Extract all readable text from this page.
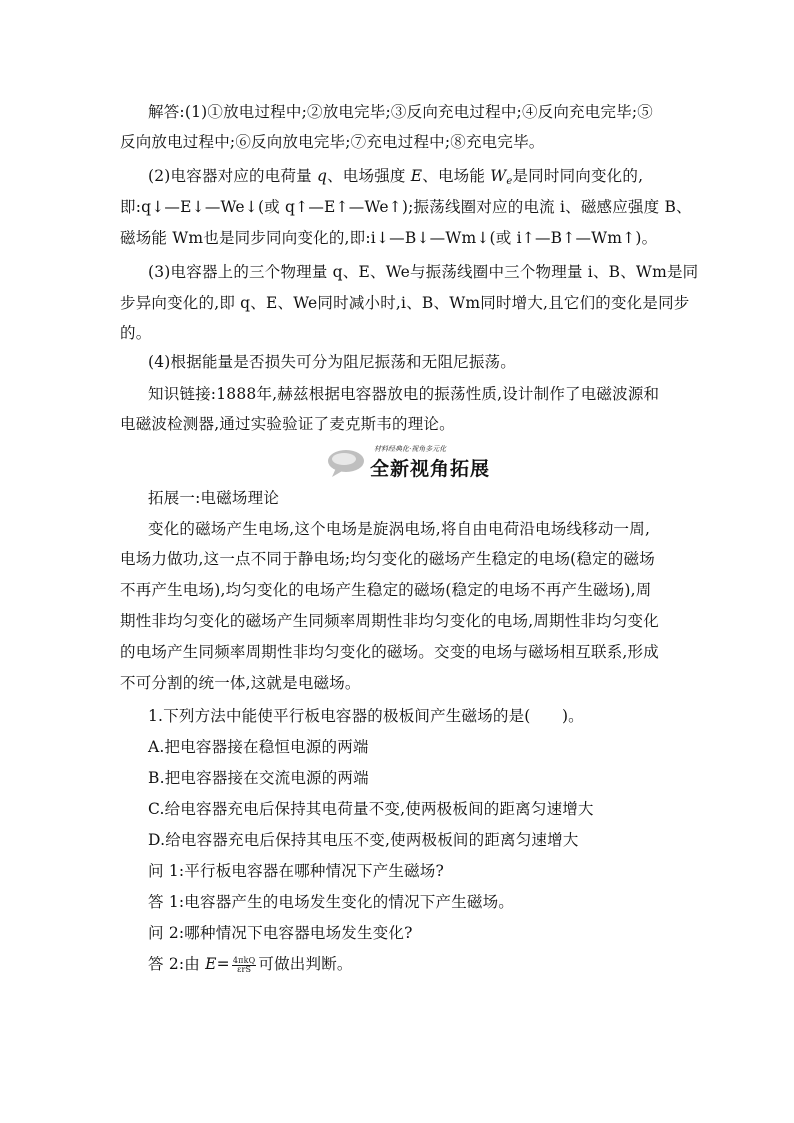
解答:(1)①放电过程中;②放电完毕;③反向充电过程中;④反向充电完毕;⑤
反向放电过程中;⑥反向放电完毕;⑦充电过程中;⑧充电完毕。
(2)电容器对应的电荷量 q、电场强度 E、电场能 $W_e$是同时同向变化的,
即:q↓—E↓—We↓(或 q↑—E↑—We↑);振荡线圈对应的电流 i、磁感应强度 B、
磁场能 Wm也是同步同向变化的,即:i↓—B↓—Wm↓(或 i↑—B↑—Wm↑)。
(3)电容器上的三个物理量 q、E、We与振荡线圈中三个物理量 i、B、Wm是同
步异向变化的,即 q、E、We同时减小时,i、B、Wm同时增大,且它们的变化是同步
的。
(4)根据能量是否损失可分为阻尼振荡和无阻尼振荡。
知识链接:1888年,赫兹根据电容器放电的振荡性质,设计制作了电磁波源和
电磁波检测器,通过实验验证了麦克斯韦的理论。
材料经典化·视角多元化
全新视角拓展
拓展一:电磁场理论
变化的磁场产生电场,这个电场是旋涡电场,将自由电荷沿电场线移动一周,
电场力做功,这一点不同于静电场;均匀变化的磁场产生稳定的电场(稳定的磁场
不再产生电场),均匀变化的电场产生稳定的磁场(稳定的电场不再产生磁场),周
期性非均匀变化的磁场产生同频率周期性非均匀变化的电场,周期性非均匀变化
的电场产生同频率周期性非均匀变化的磁场。交变的电场与磁场相互联系,形成
不可分割的统一体,这就是电磁场。
1.下列方法中能使平行板电容器的极板间产生磁场的是(　　)。
A.把电容器接在稳恒电源的两端
B.把电容器接在交流电源的两端
C.给电容器充电后保持其电荷量不变,使两极板间的距离匀速增大
D.给电容器充电后保持其电压不变,使两极板间的距离匀速增大
问 1:平行板电容器在哪种情况下产生磁场?
答 1:电容器产生的电场发生变化的情况下产生磁场。
问 2:哪种情况下电容器电场发生变化?
答 2:由 $E= \frac{\text{4πkQ}}{\text{εrS}}$ 可做出判断。
